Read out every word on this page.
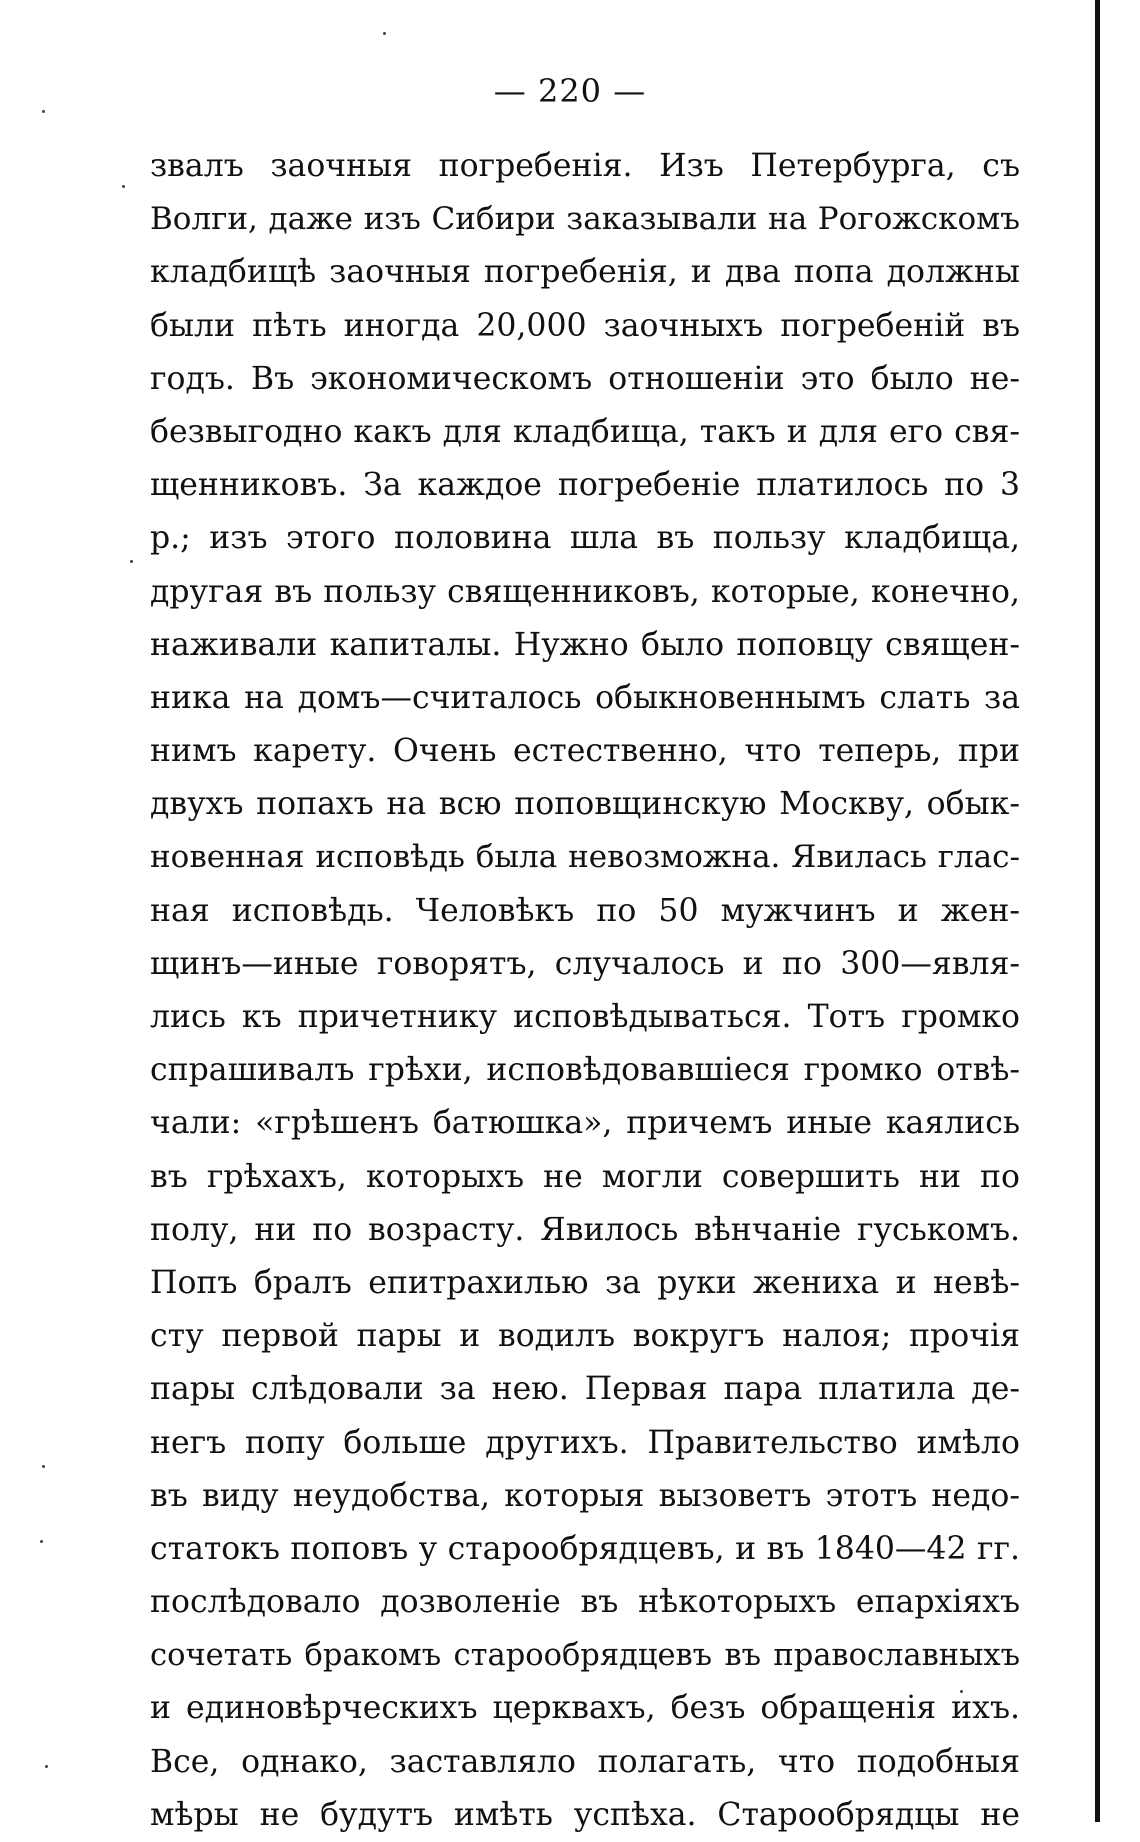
— 220 —
звалъ заочныя погребенія. Изъ Петербурга, съ
Волги, даже изъ Сибири заказывали на Рогожскомъ
кладбищѣ заочныя погребенія, и два попа должны
были пѣть иногда 20,000 заочныхъ погребеній въ
годъ. Въ экономическомъ отношеніи это было не-
безвыгодно какъ для кладбища, такъ и для его свя-
щенниковъ. За каждое погребеніе платилось по 3
р.; изъ этого половина шла въ пользу кладбища,
другая въ пользу священниковъ, которые, конечно,
наживали капиталы. Нужно было поповцу священ-
ника на домъ—считалось обыкновеннымъ слать за
нимъ карету. Очень естественно, что теперь, при
двухъ попахъ на всю поповщинскую Москву, обык-
новенная исповѣдь была невозможна. Явилась глас-
ная исповѣдь. Человѣкъ по 50 мужчинъ и жен-
щинъ—иные говорятъ, случалось и по 300—явля-
лись къ причетнику исповѣдываться. Тотъ громко
спрашивалъ грѣхи, исповѣдовавшіеся громко отвѣ-
чали: «грѣшенъ батюшка», причемъ иные каялись
въ грѣхахъ, которыхъ не могли совершить ни по
полу, ни по возрасту. Явилось вѣнчаніе гуськомъ.
Попъ бралъ епитрахилью за руки жениха и невѣ-
сту первой пары и водилъ вокругъ налоя; прочія
пары слѣдовали за нею. Первая пара платила де-
негъ попу больше другихъ. Правительство имѣло
въ виду неудобства, которыя вызоветъ этотъ недо-
статокъ поповъ у старообрядцевъ, и въ 1840—42 гг.
послѣдовало дозволеніе въ нѣкоторыхъ епархіяхъ
сочетать бракомъ старообрядцевъ въ православныхъ
и единовѣрческихъ церквахъ, безъ обращенія ихъ.
Все, однако, заставляло полагать, что подобныя
мѣры не будутъ имѣть успѣха. Старообрядцы не
